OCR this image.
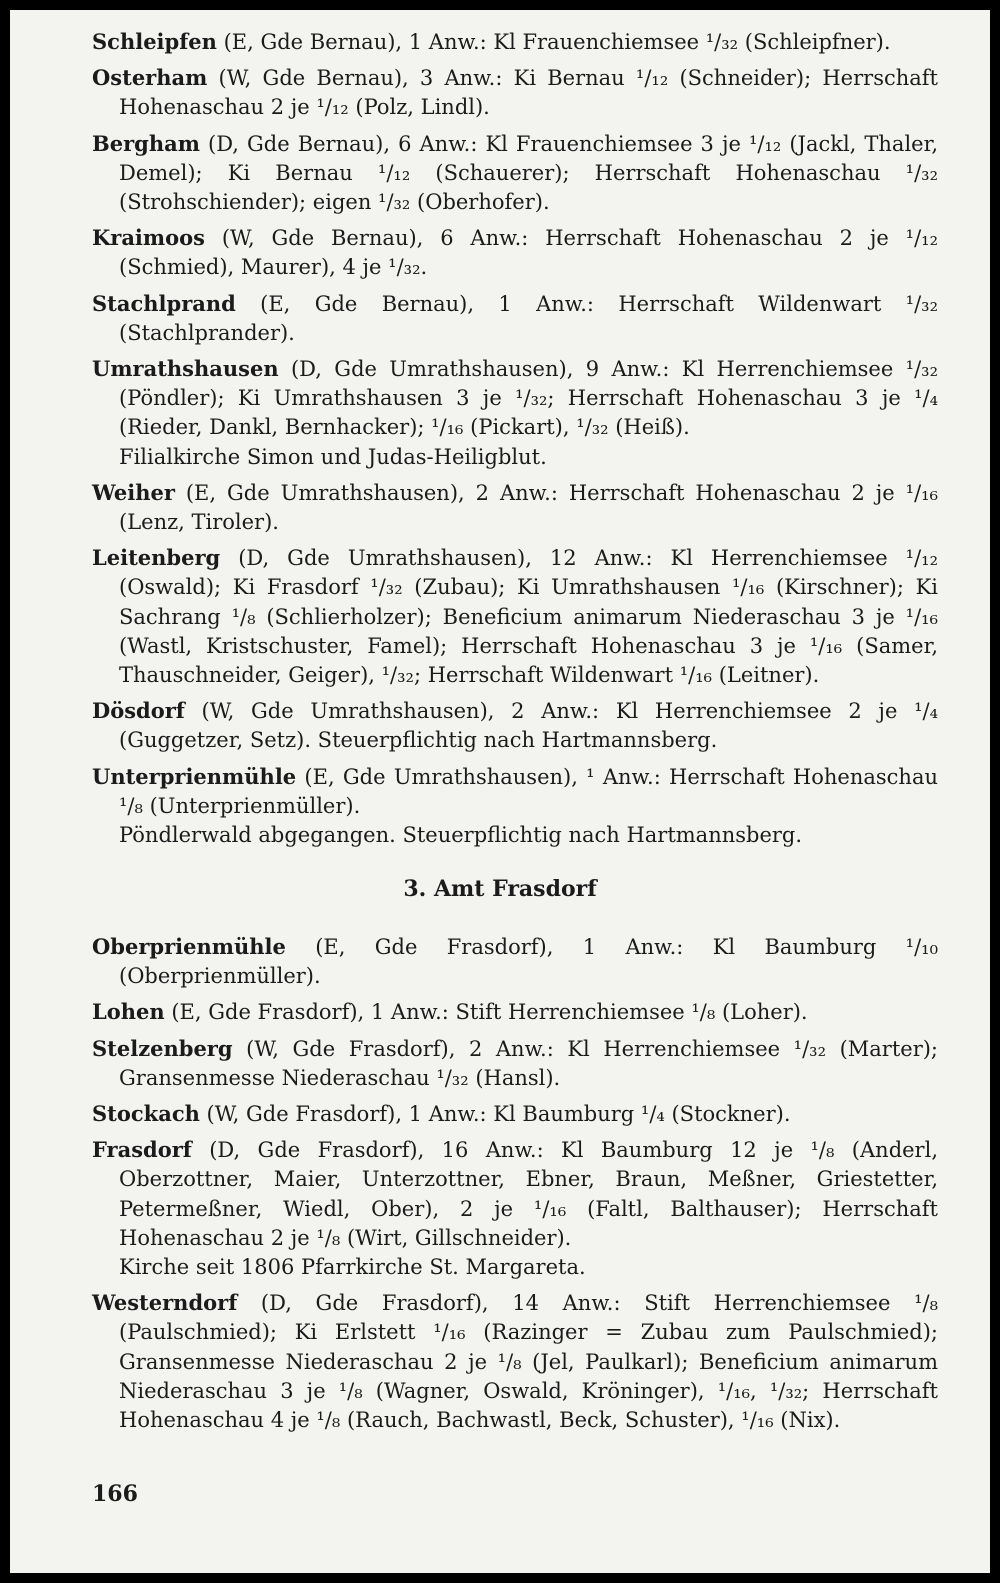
Schleipfen (E, Gde Bernau), 1 Anw.: Kl Frauenchiemsee ¹/₃₂ (Schleipfner).

Osterham (W, Gde Bernau), 3 Anw.: Ki Bernau ¹/₁₂ (Schneider); Herrschaft Hohenaschau 2 je ¹/₁₂ (Polz, Lindl).

Bergham (D, Gde Bernau), 6 Anw.: Kl Frauenchiemsee 3 je ¹/₁₂ (Jackl, Thaler, Demel); Ki Bernau ¹/₁₂ (Schauerer); Herrschaft Hohenaschau ¹/₃₂ (Strohschiender); eigen ¹/₃₂ (Oberhofer).

Kraimoos (W, Gde Bernau), 6 Anw.: Herrschaft Hohenaschau 2 je ¹/₁₂ (Schmied), Maurer), 4 je ¹/₃₂.

Stachlprand (E, Gde Bernau), 1 Anw.: Herrschaft Wildenwart ¹/₃₂ (Stachlprander).

Umrathshausen (D, Gde Umrathshausen), 9 Anw.: Kl Herrenchiemsee ¹/₃₂ (Pöndler); Ki Umrathshausen 3 je ¹/₃₂; Herrschaft Hohenaschau 3 je ¹/₄ (Rieder, Dankl, Bernhacker); ¹/₁₆ (Pickart), ¹/₃₂ (Heiß).
Filialkirche Simon und Judas-Heiligblut.

Weiher (E, Gde Umrathshausen), 2 Anw.: Herrschaft Hohenaschau 2 je ¹/₁₆ (Lenz, Tiroler).

Leitenberg (D, Gde Umrathshausen), 12 Anw.: Kl Herrenchiemsee ¹/₁₂ (Oswald); Ki Frasdorf ¹/₃₂ (Zubau); Ki Umrathshausen ¹/₁₆ (Kirschner); Ki Sachrang ¹/₈ (Schlierholzer); Beneficium animarum Niederaschau 3 je ¹/₁₆ (Wastl, Kristschuster, Famel); Herrschaft Hohenaschau 3 je ¹/₁₆ (Samer, Thauschneider, Geiger), ¹/₃₂; Herrschaft Wildenwart ¹/₁₆ (Leitner).

Dösdorf (W, Gde Umrathshausen), 2 Anw.: Kl Herrenchiemsee 2 je ¹/₄ (Guggetzer, Setz). Steuerpflichtig nach Hartmannsberg.

Unterprienmühle (E, Gde Umrathshausen), ¹ Anw.: Herrschaft Hohenaschau ¹/₈ (Unterprienmüller).
Pöndlerwald abgegangen. Steuerpflichtig nach Hartmannsberg.

3. Amt Frasdorf

Oberprienmühle (E, Gde Frasdorf), 1 Anw.: Kl Baumburg ¹/₁₀ (Oberprienmüller).

Lohen (E, Gde Frasdorf), 1 Anw.: Stift Herrenchiemsee ¹/₈ (Loher).

Stelzenberg (W, Gde Frasdorf), 2 Anw.: Kl Herrenchiemsee ¹/₃₂ (Marter); Gransenmesse Niederaschau ¹/₃₂ (Hansl).

Stockach (W, Gde Frasdorf), 1 Anw.: Kl Baumburg ¹/₄ (Stockner).

Frasdorf (D, Gde Frasdorf), 16 Anw.: Kl Baumburg 12 je ¹/₈ (Anderl, Oberzottner, Maier, Unterzottner, Ebner, Braun, Meßner, Griestetter, Petermeßner, Wiedl, Ober), 2 je ¹/₁₆ (Faltl, Balthauser); Herrschaft Hohenaschau 2 je ¹/₈ (Wirt, Gillschneider).
Kirche seit 1806 Pfarrkirche St. Margareta.

Westerndorf (D, Gde Frasdorf), 14 Anw.: Stift Herrenchiemsee ¹/₈ (Paulschmied); Ki Erlstett ¹/₁₆ (Razinger = Zubau zum Paulschmied); Gransenmesse Niederaschau 2 je ¹/₈ (Jel, Paulkarl); Beneficium animarum Niederaschau 3 je ¹/₈ (Wagner, Oswald, Kröninger), ¹/₁₆, ¹/₃₂; Herrschaft Hohenaschau 4 je ¹/₈ (Rauch, Bachwastl, Beck, Schuster), ¹/₁₆ (Nix).

166
